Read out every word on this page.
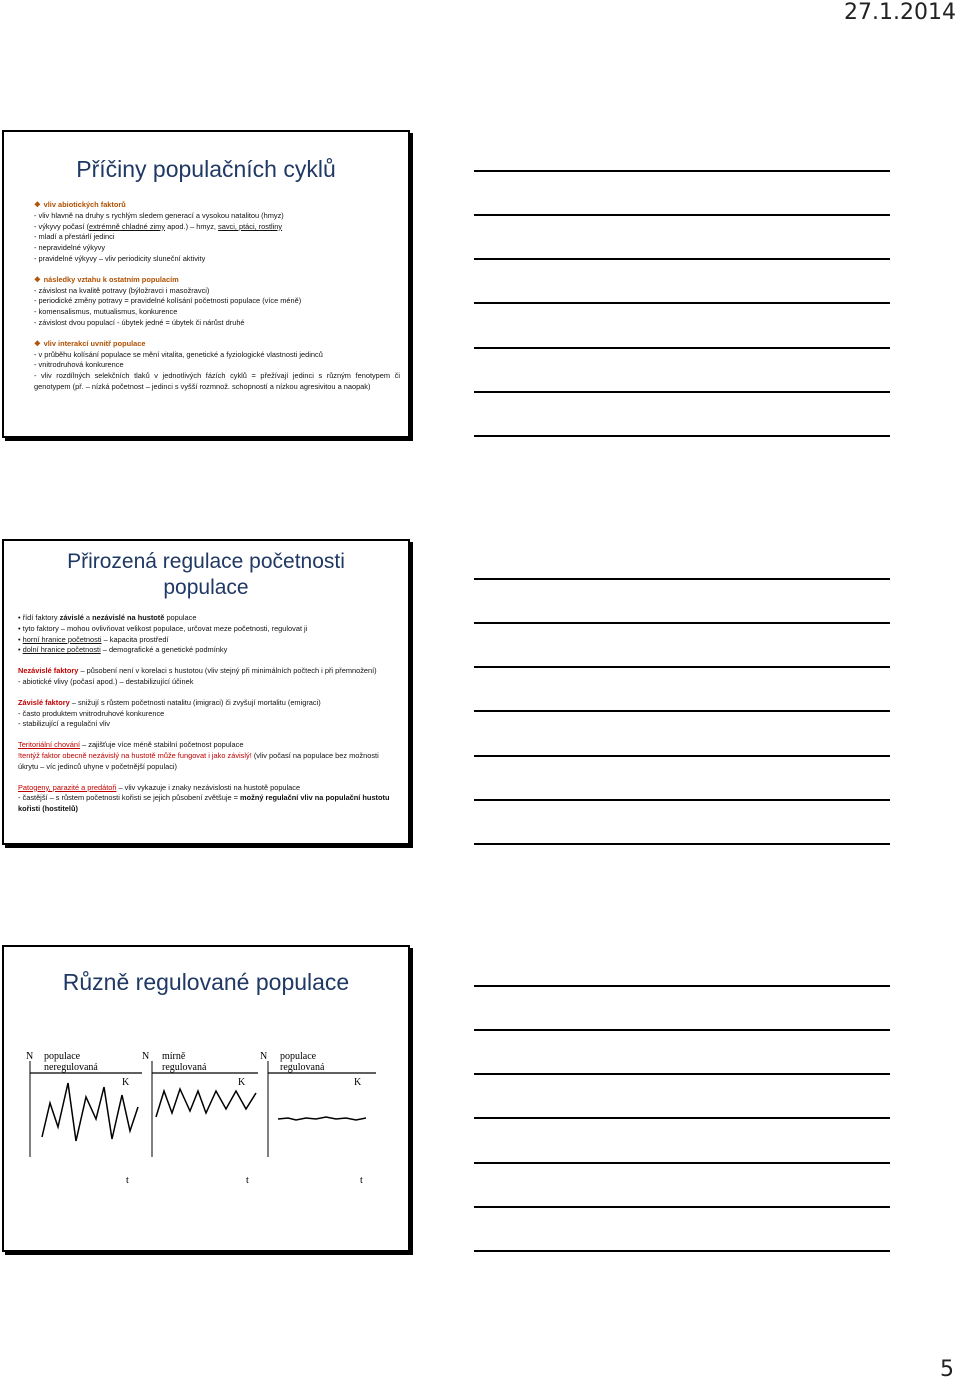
27.1.2014
Příčiny populačních cyklů
❖ vliv abiotických faktorů
- vliv hlavně na druhy s rychlým sledem generací a vysokou natalitou (hmyz)
- výkyvy počasí (extrémně chladné zimy apod.) – hmyz, savci, ptáci, rostliny
- mladí a přestárlí jedinci
- nepravidelné výkyvy
- pravidelné výkyvy – vliv periodicity sluneční aktivity
❖ následky vztahu k ostatním populacím
- závislost na kvalitě potravy (býložravci i masožravci)
- periodické změny potravy = pravidelné kolísání početnosti populace (více méně)
- komensalismus, mutualismus, konkurence
- závislost dvou populací - úbytek jedné = úbytek či nárůst druhé
❖ vliv interakcí uvnitř populace
- v průběhu kolísání populace se mění vitalita, genetické a fyziologické vlastnosti jedinců
- vnitrodruhová konkurence
- vliv rozdílných selekčních tlaků v jednotlivých fázích cyklů = přežívají jedinci s různým fenotypem či genotypem (př. – nízká početnost – jedinci s vyšší rozmnož. schopností a nízkou agresivitou a naopak)
Přirozená regulace početnosti
populace
• řídí faktory závislé a nezávislé na hustotě populace
• tyto faktory – mohou ovlivňovat velikost populace, určovat meze početnosti, regulovat ji
• horní hranice početnosti – kapacita prostředí
• dolní hranice početnosti – demografické a genetické podmínky
Nezávislé faktory – působení není v korelaci s hustotou (vliv stejný při minimálních počtech i při přemnožení)
- abiotické vlivy (počasí apod.) – destabilizující účinek
Závislé faktory – snižují s růstem početnosti natalitu (imigraci) či zvyšují mortalitu (emigraci)
- často produktem vnitrodruhové konkurence
- stabilizující a regulační vliv
Teritoriální chování – zajišťuje více méně stabilní početnost populace
!tentýž faktor obecně nezávislý na hustotě může fungovat i jako závislý! (vliv počasí na populace bez možnosti úkrytu – víc jedinců uhyne v početnější populaci)
Patogeny, parazité a predátoři – vliv vykazuje i znaky nezávislosti na hustotě populace
- častější – s růstem početnosti kořisti se jejich působení zvětšuje = možný regulační vliv na populační hustotu kořisti (hostitelů)
Různě regulované populace
N populace
neregulovaná
K
t
N mírně
regulovaná
K
t
N populace
regulovaná
K
t
5
